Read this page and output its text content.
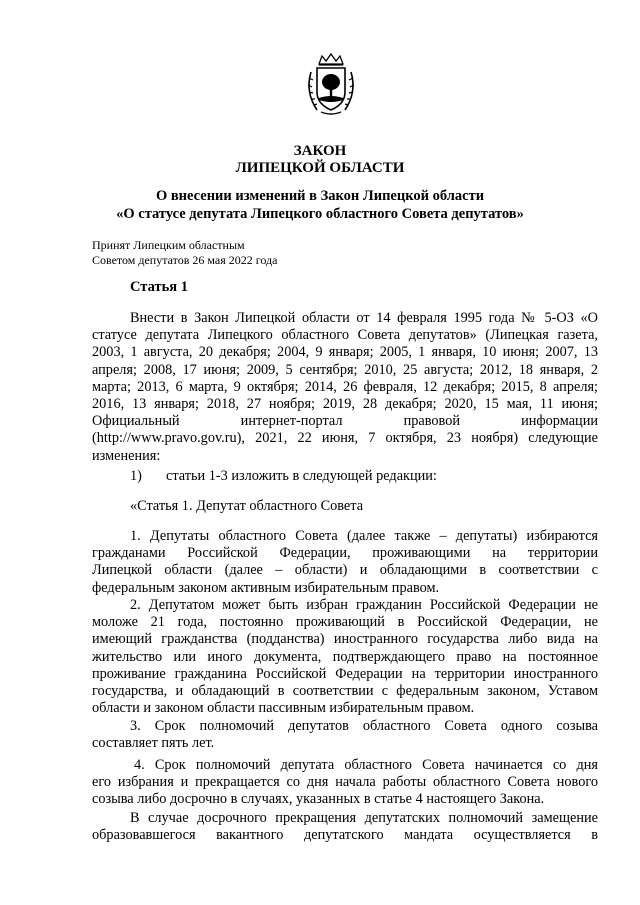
ЗАКОН
ЛИПЕЦКОЙ ОБЛАСТИ
О внесении изменений в Закон Липецкой области
«О статусе депутата Липецкого областного Совета депутатов»
Принят Липецким областным
Советом депутатов 26 мая 2022 года
Статья 1
Внести в Закон Липецкой области от 14 февраля 1995 года № 5-ОЗ «О
статусе депутата Липецкого областного Совета депутатов» (Липецкая газета,
2003, 1 августа, 20 декабря; 2004, 9 января; 2005, 1 января, 10 июня; 2007, 13
апреля; 2008, 17 июня; 2009, 5 сентября; 2010, 25 августа; 2012, 18 января, 2
марта; 2013, 6 марта, 9 октября; 2014, 26 февраля, 12 декабря; 2015, 8 апреля;
2016, 13 января; 2018, 27 ноября; 2019, 28 декабря; 2020, 15 мая, 11 июня;
Официальный интернет-портал правовой информации
(http://www.pravo.gov.ru), 2021, 22 июня, 7 октября, 23 ноября) следующие
изменения:
1) статьи 1-3 изложить в следующей редакции:
«Статья 1. Депутат областного Совета
1. Депутаты областного Совета (далее также – депутаты) избираются
гражданами Российской Федерации, проживающими на территории
Липецкой области (далее – области) и обладающими в соответствии с
федеральным законом активным избирательным правом.
2. Депутатом может быть избран гражданин Российской Федерации не
моложе 21 года, постоянно проживающий в Российской Федерации, не
имеющий гражданства (подданства) иностранного государства либо вида на
жительство или иного документа, подтверждающего право на постоянное
проживание гражданина Российской Федерации на территории иностранного
государства, и обладающий в соответствии с федеральным законом, Уставом
области и законом области пассивным избирательным правом.
3. Срок полномочий депутатов областного Совета одного созыва
составляет пять лет.
4. Срок полномочий депутата областного Совета начинается со дня
его избрания и прекращается со дня начала работы областного Совета нового
созыва либо досрочно в случаях, указанных в статье 4 настоящего Закона.
В случае досрочного прекращения депутатских полномочий замещение
образовавшегося вакантного депутатского мандата осуществляется в
